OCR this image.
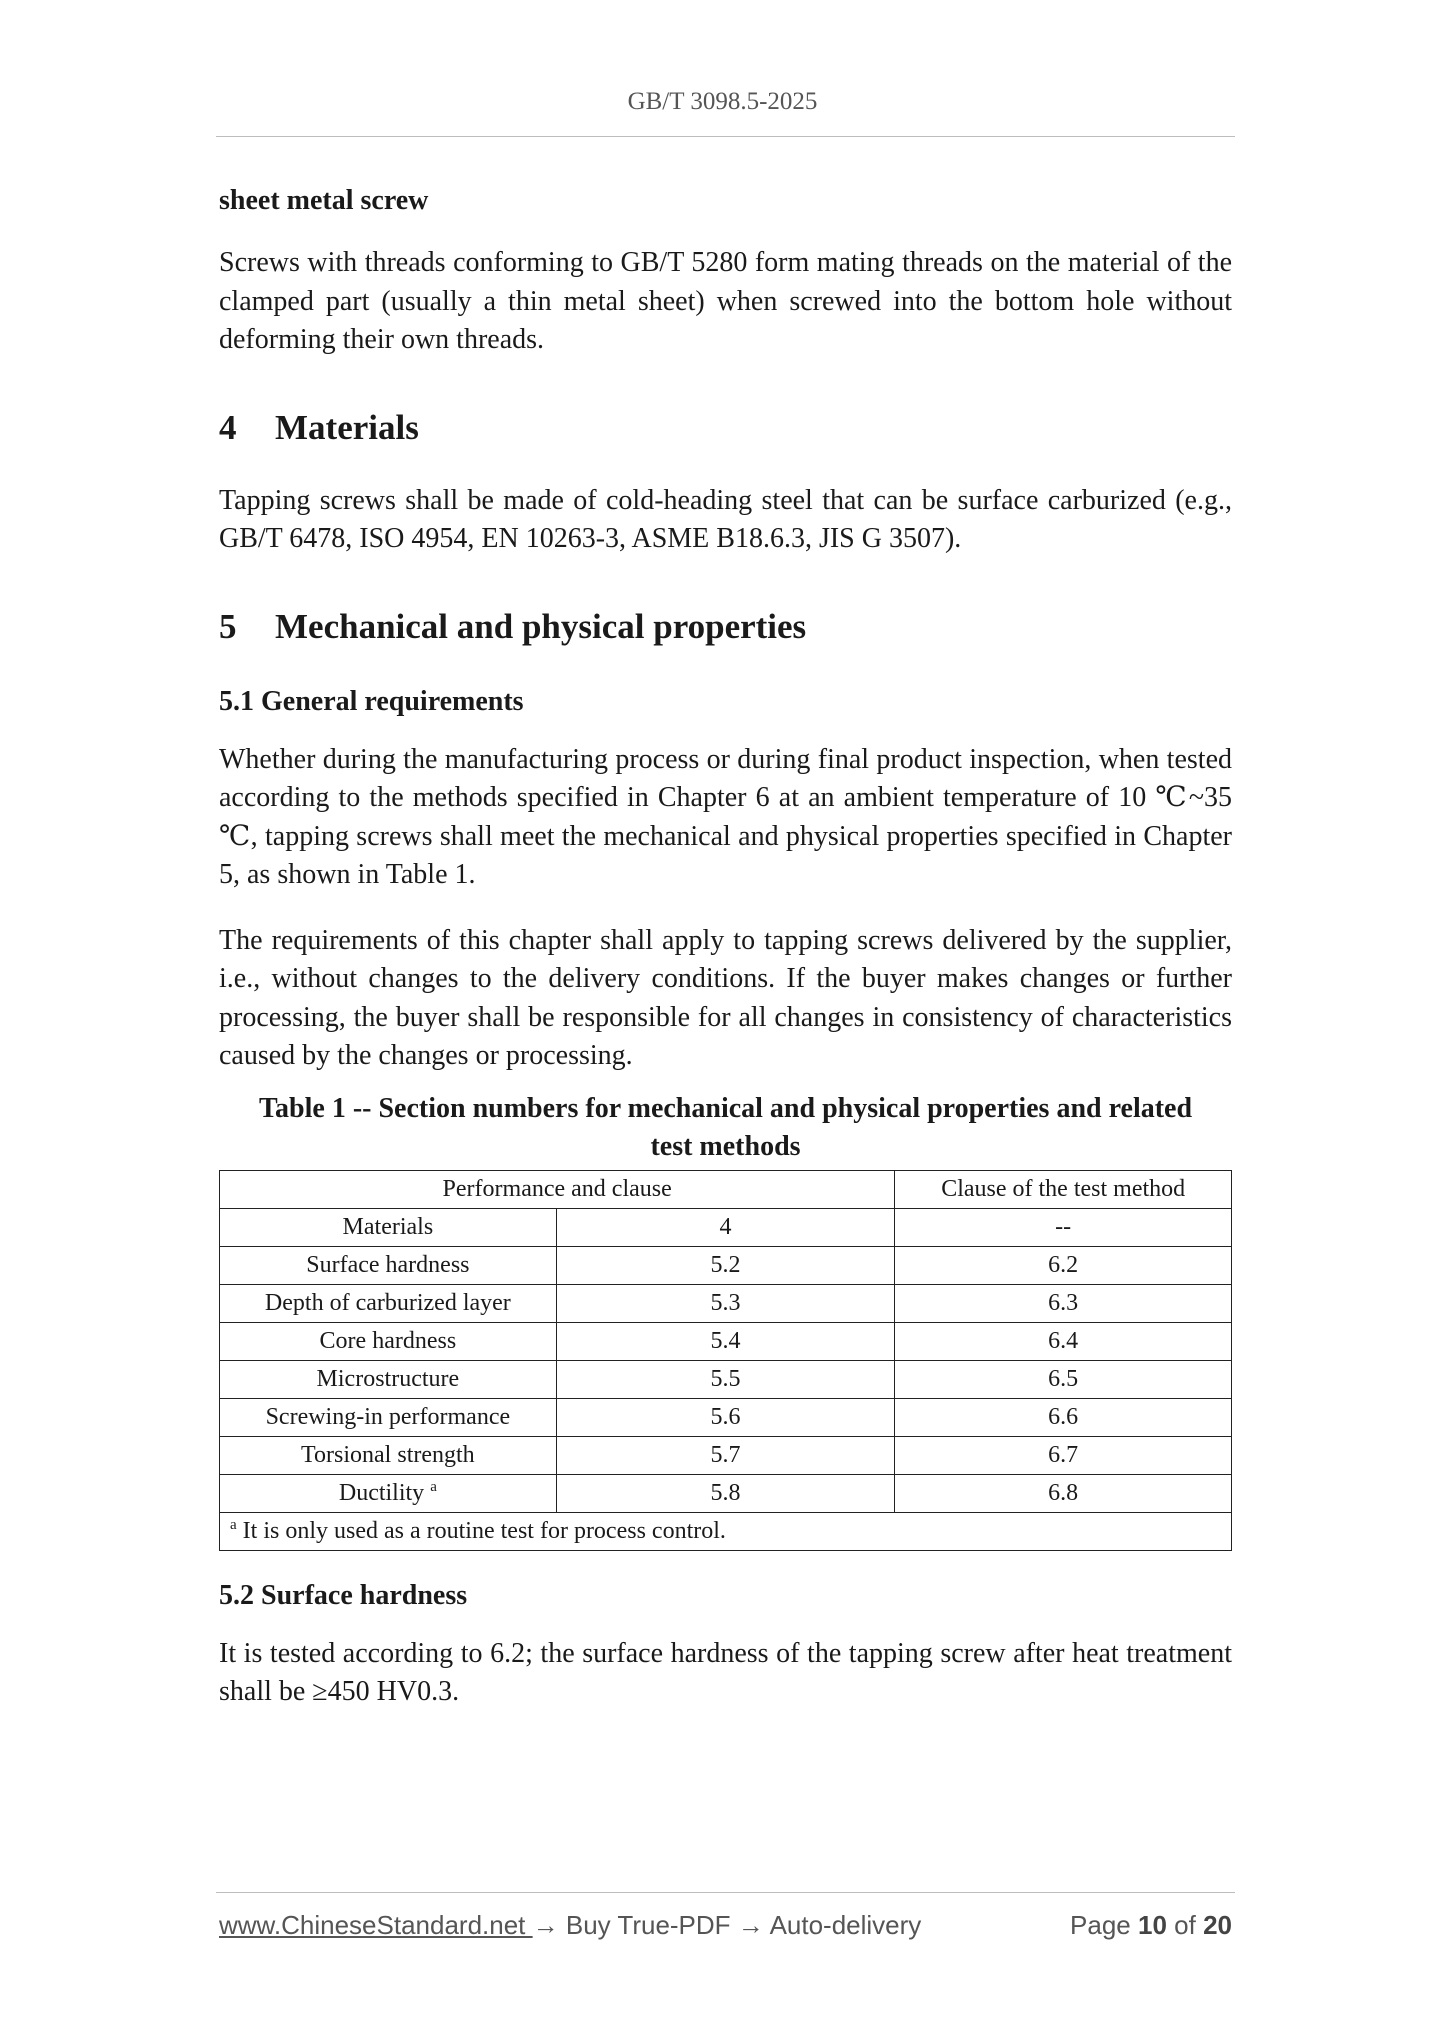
GB/T 3098.5-2025
sheet metal screw

Screws with threads conforming to GB/T 5280 form mating threads on the material of the clamped part (usually a thin metal sheet) when screwed into the bottom hole without deforming their own threads.

4 Materials

Tapping screws shall be made of cold-heading steel that can be surface carburized (e.g., GB/T 6478, ISO 4954, EN 10263-3, ASME B18.6.3, JIS G 3507).

5 Mechanical and physical properties
5.1 General requirements

Whether during the manufacturing process or during final product inspection, when tested according to the methods specified in Chapter 6 at an ambient temperature of 10 ℃~35 ℃, tapping screws shall meet the mechanical and physical properties specified in Chapter 5, as shown in Table 1.

The requirements of this chapter shall apply to tapping screws delivered by the supplier, i.e., without changes to the delivery conditions. If the buyer makes changes or further processing, the buyer shall be responsible for all changes in consistency of characteristics caused by the changes or processing.

Table 1 -- Section numbers for mechanical and physical properties and related
test methods
Performance and clause		Clause of the test method
Materials	4	--
Surface hardness	5.2	6.2
Depth of carburized layer	5.3	6.3
Core hardness	5.4	6.4
Microstructure	5.5	6.5
Screwing-in performance	5.6	6.6
Torsional strength	5.7	6.7
Ductility $^a$	5.8	6.8
$^a$ It is only used as a routine test for process control.		
5.2 Surface hardness

It is tested according to 6.2; the surface hardness of the tapping screw after heat treatment shall be ≥450 HV0.3.

www.ChineseStandard.net → Buy True-PDF → Auto-delivery	Page 10 of 20
